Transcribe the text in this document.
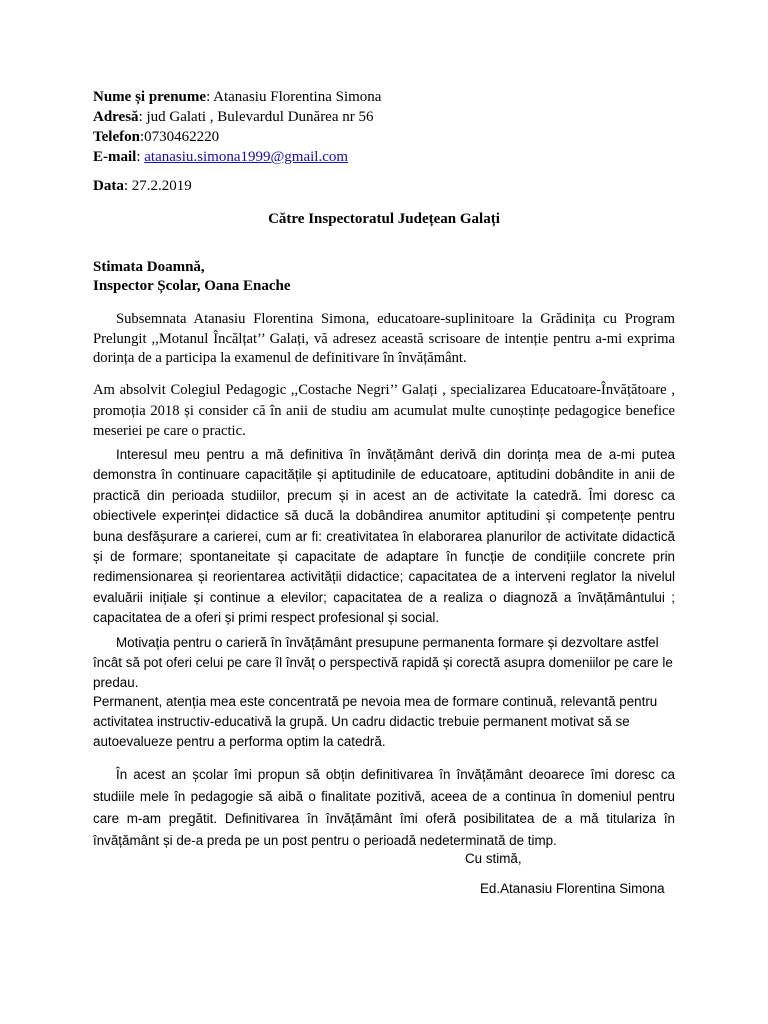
Nume și prenume: Atanasiu Florentina Simona
Adresă: jud Galati , Bulevardul Dunărea nr 56
Telefon:0730462220
E-mail: atanasiu.simona1999@gmail.com
Data: 27.2.2019
Către Inspectoratul Județean Galați
Stimata Doamnă,
Inspector Școlar, Oana Enache
Subsemnata Atanasiu Florentina Simona, educatoare-suplinitoare la Grădinița cu Program Prelungit ,,Motanul Încălțat’’ Galați, vă adresez această scrisoare de intenție pentru a-mi exprima dorința de a participa la examenul de definitivare în învățământ.
Am absolvit Colegiul Pedagogic ,,Costache Negri’’ Galați , specializarea Educatoare-Învățătoare , promoția 2018 și consider că în anii de studiu am acumulat multe cunoștințe pedagogice benefice meseriei pe care o practic.
Interesul meu pentru a mă definitiva în învățământ derivă din dorința mea de a-mi putea demonstra în continuare capacitățile și aptitudinile de educatoare, aptitudini dobândite in anii de practică din perioada studiilor, precum și in acest an de activitate la catedră. Îmi doresc ca obiectivele experinței didactice să ducă la dobândirea anumitor aptitudini și competențe pentru buna desfășurare a carierei, cum ar fi: creativitatea în elaborarea planurilor de activitate didactică și de formare; spontaneitate și capacitate de adaptare în funcție de condițiile concrete prin redimensionarea și reorientarea activității didactice; capacitatea de a interveni reglator la nivelul evaluării inițiale și continue a elevilor; capacitatea de a realiza o diagnoză a învățământului ; capacitatea de a oferi și primi respect profesional și social.
Motivația pentru o carieră în învățământ presupune permanenta formare și dezvoltare astfel încât să pot oferi celui pe care îl învăț o perspectivă rapidă și corectă asupra domeniilor pe care le predau.
Permanent, atenția mea este concentrată pe nevoia mea de formare continuă, relevantă pentru activitatea instructiv-educativă la grupă. Un cadru didactic trebuie permanent motivat să se autoevalueze pentru a performa optim la catedră.
În acest an școlar îmi propun să obțin definitivarea în învățământ deoarece îmi doresc ca studiile mele în pedagogie să aibă o finalitate pozitivă, aceea de a continua în domeniul pentru care m-am pregătit. Definitivarea în învățământ îmi oferă posibilitatea de a mă titulariza în învățământ și de-a preda pe un post pentru o perioadă nedeterminată de timp.
Cu stimă,
Ed.Atanasiu Florentina Simona
